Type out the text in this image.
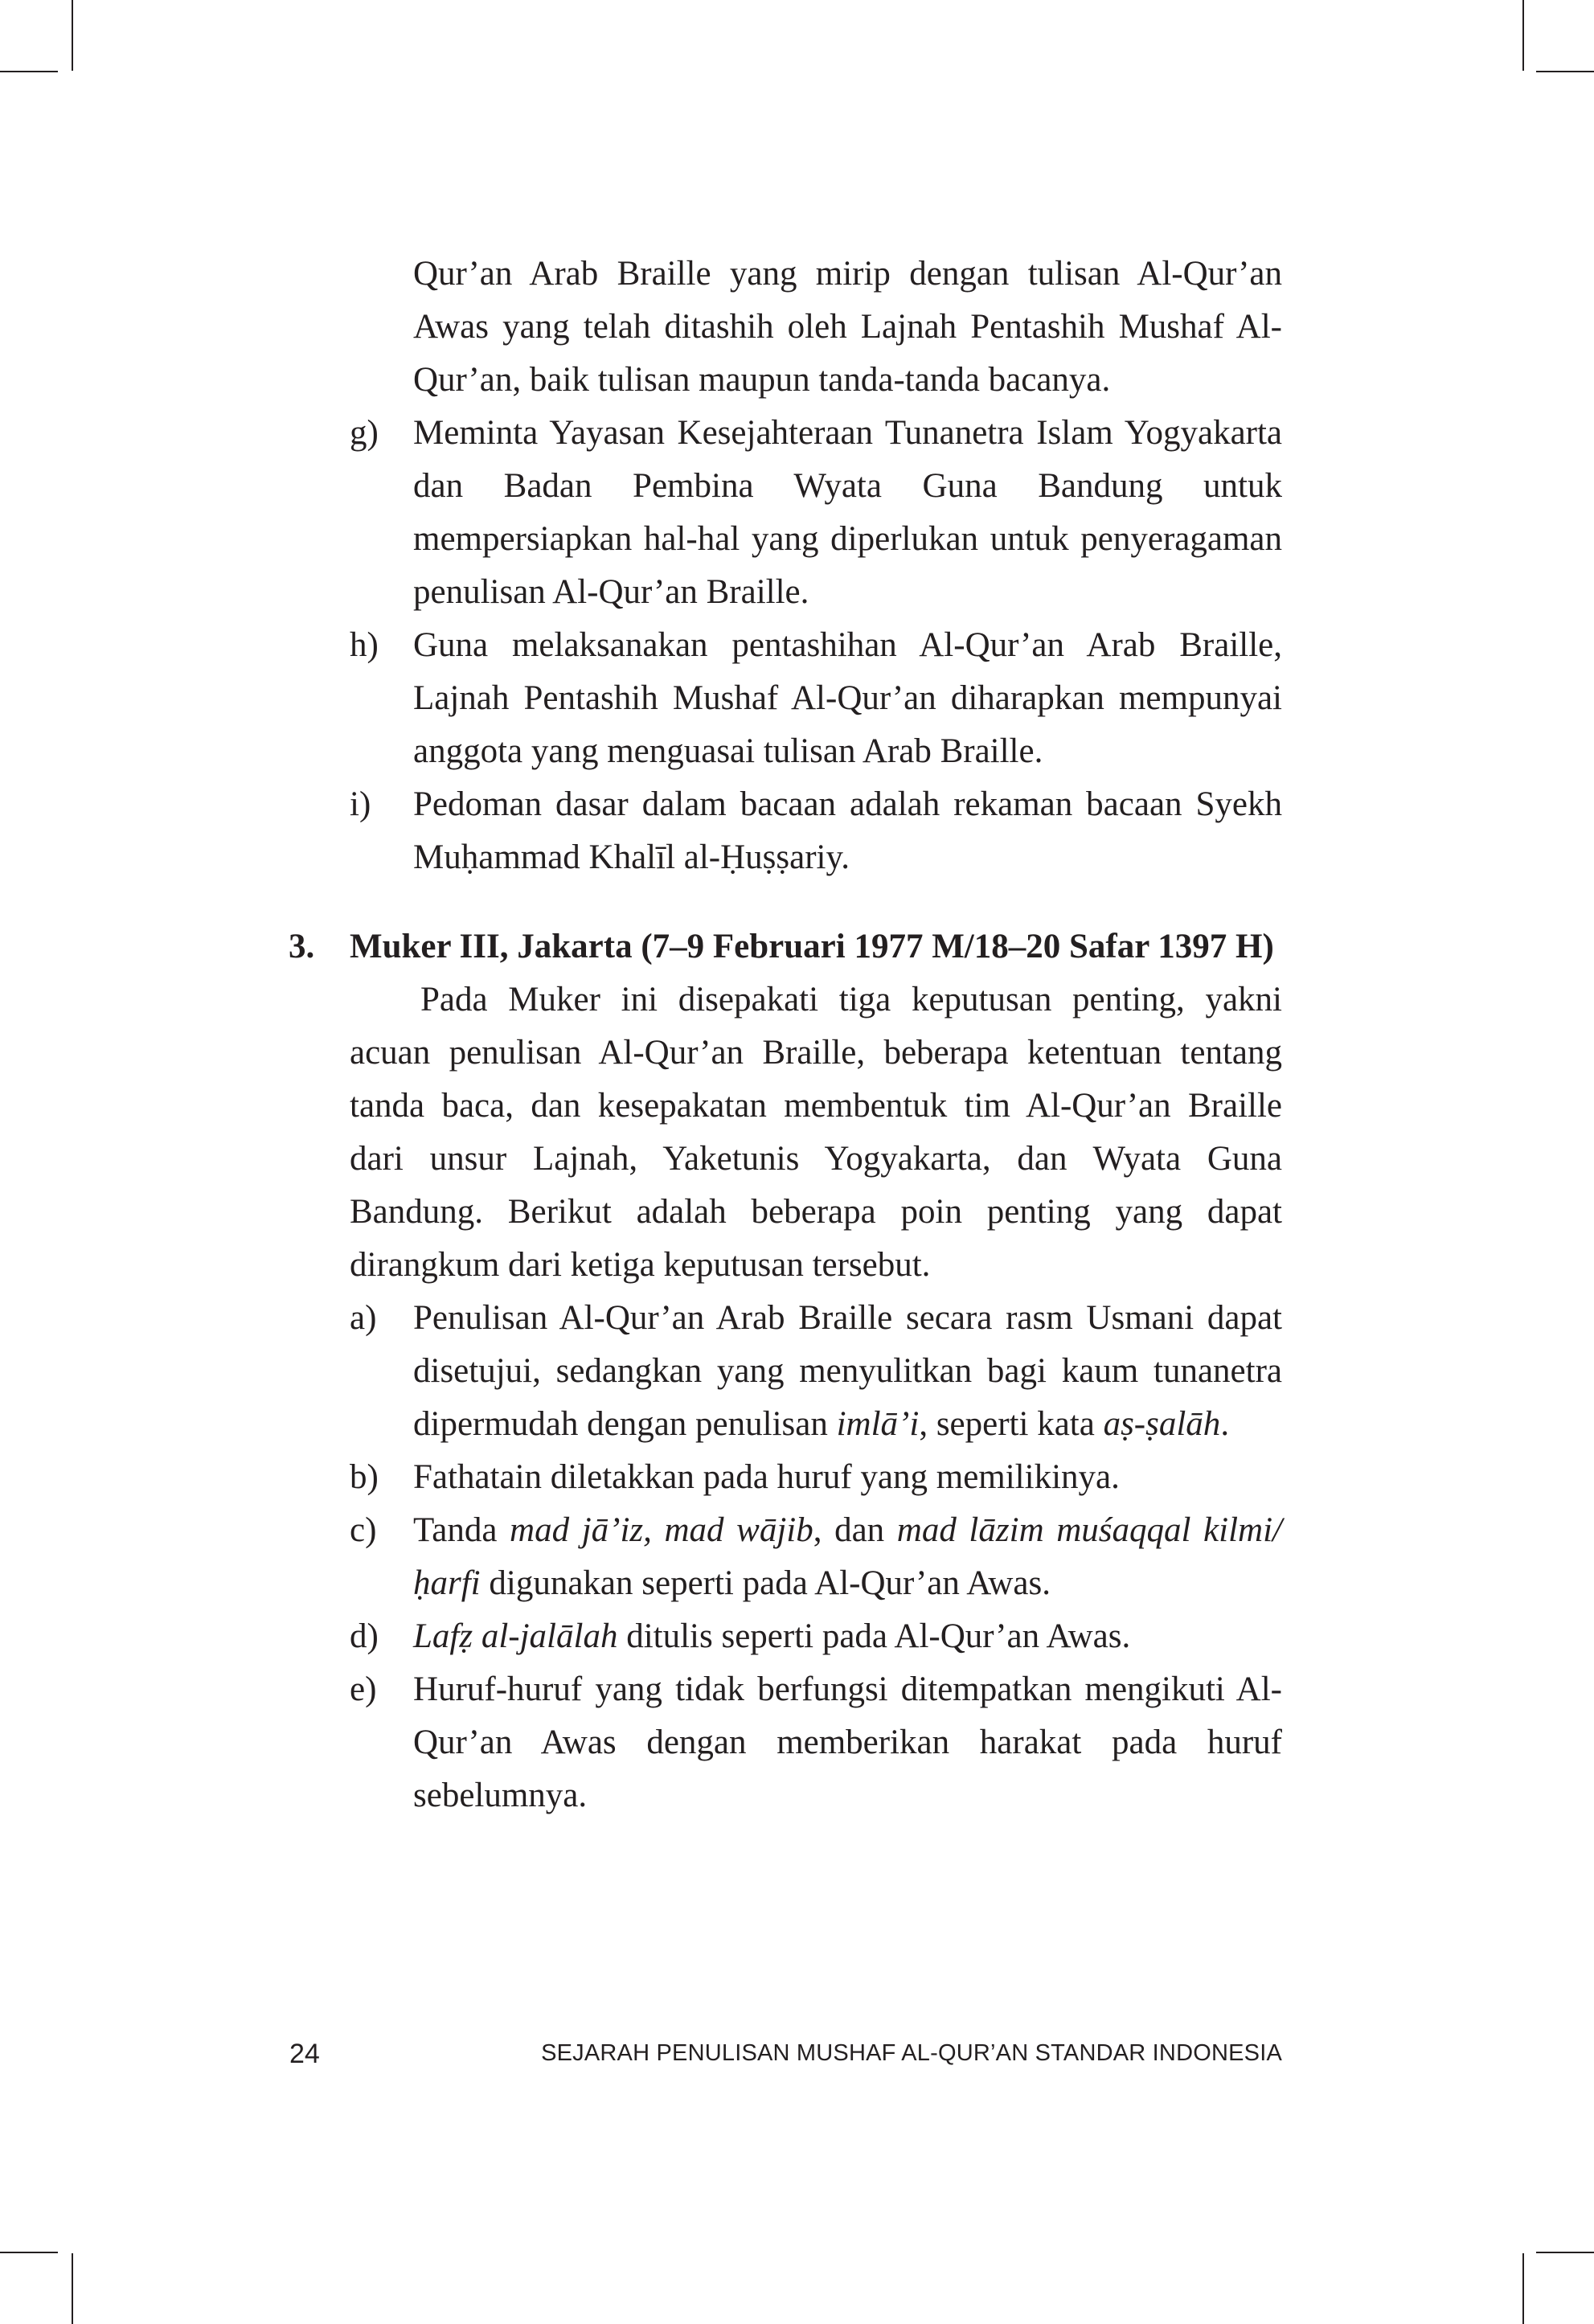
Qur’an Arab Braille yang mirip dengan tulisan Al-Qur’an Awas yang telah ditashih oleh Lajnah Pentashih Mushaf Al-Qur’an, baik tulisan maupun tanda-tanda bacanya.
g)	Meminta Yayasan Kesejahteraan Tunanetra Islam Yogyakarta dan Badan Pembina Wyata Guna Bandung untuk mempersiapkan hal-hal yang diperlukan untuk penyeragaman penulisan Al-Qur’an Braille.
h)	Guna melaksanakan pentashihan Al-Qur’an Arab Braille, Lajnah Pentashih Mushaf Al-Qur’an diharapkan mempunyai anggota yang menguasai tulisan Arab Braille.
i)	Pedoman dasar dalam bacaan adalah rekaman bacaan Syekh Muḥammad Khalīl al-Ḥuṣṣariy.
3.	Muker III, Jakarta (7–9 Februari 1977 M/18–20 Safar 1397 H)
Pada Muker ini disepakati tiga keputusan penting, yakni acuan penulisan Al-Qur’an Braille, beberapa ketentuan tentang tanda baca, dan kesepakatan membentuk tim Al-Qur’an Braille dari unsur Lajnah, Yaketunis Yogyakarta, dan Wyata Guna Bandung. Berikut adalah beberapa poin penting yang dapat dirangkum dari ketiga keputusan tersebut.
a)	Penulisan Al-Qur’an Arab Braille secara rasm Usmani dapat disetujui, sedangkan yang menyulitkan bagi kaum tunanetra dipermudah dengan penulisan imlā’i, seperti kata aṣ-ṣalāh.
b)	Fathatain diletakkan pada huruf yang memilikinya.
c)	Tanda mad jā’iz, mad wājib, dan mad lāzim muśaqqal kilmi/ḥarfi digunakan seperti pada Al-Qur’an Awas.
d)	Lafẓ al-jalālah ditulis seperti pada Al-Qur’an Awas.
e)	Huruf-huruf yang tidak berfungsi ditempatkan mengikuti Al-Qur’an Awas dengan memberikan harakat pada huruf sebelumnya.
24	SEJARAH PENULISAN MUSHAF AL-QUR’AN STANDAR INDONESIA
